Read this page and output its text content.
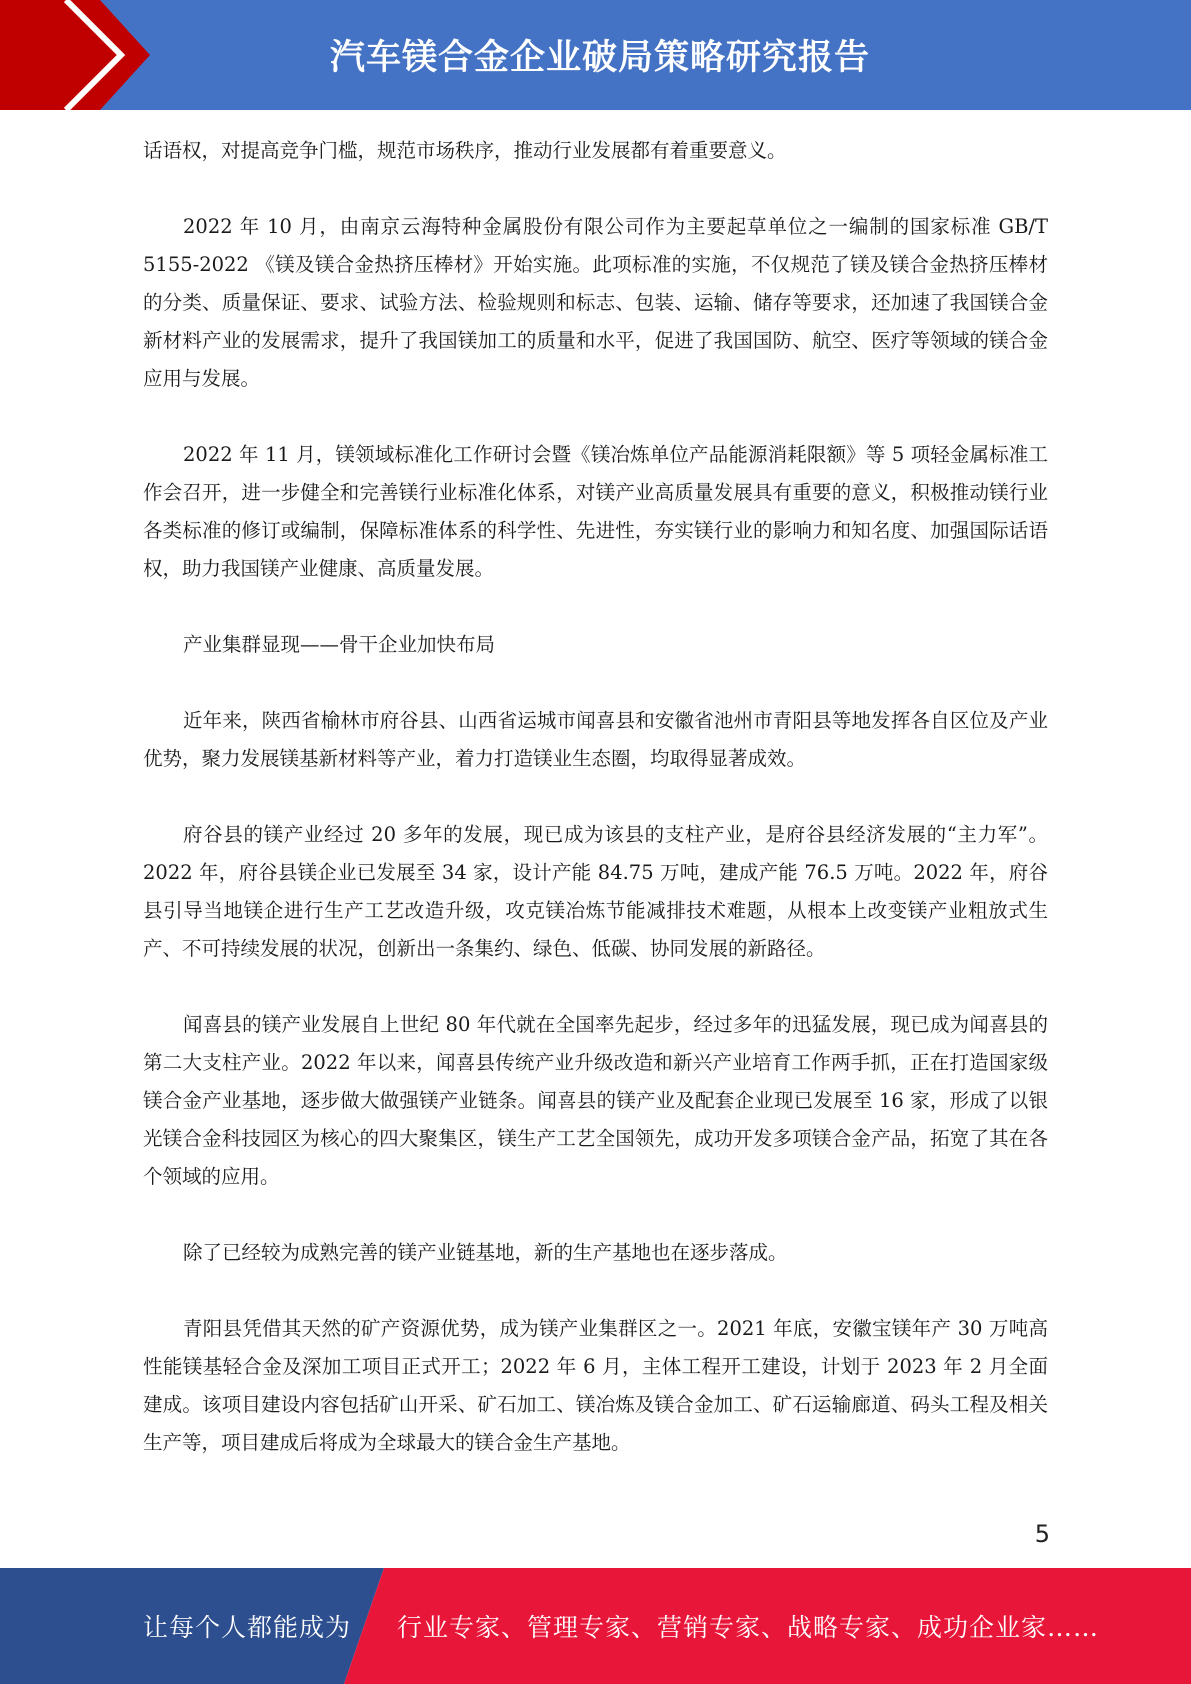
汽车镁合金企业破局策略研究报告

话语权，对提高竞争门槛，规范市场秩序，推动行业发展都有着重要意义。

2022 年 10 月，由南京云海特种金属股份有限公司作为主要起草单位之一编制的国家标准 GB/T 5155-2022 《镁及镁合金热挤压棒材》开始实施。此项标准的实施，不仅规范了镁及镁合金热挤压棒材的分类、质量保证、要求、试验方法、检验规则和标志、包装、运输、储存等要求，还加速了我国镁合金新材料产业的发展需求，提升了我国镁加工的质量和水平，促进了我国国防、航空、医疗等领域的镁合金应用与发展。

2022 年 11 月，镁领域标准化工作研讨会暨《镁冶炼单位产品能源消耗限额》等 5 项轻金属标准工作会召开，进一步健全和完善镁行业标准化体系，对镁产业高质量发展具有重要的意义，积极推动镁行业各类标准的修订或编制，保障标准体系的科学性、先进性，夯实镁行业的影响力和知名度、加强国际话语权，助力我国镁产业健康、高质量发展。

产业集群显现——骨干企业加快布局

近年来，陕西省榆林市府谷县、山西省运城市闻喜县和安徽省池州市青阳县等地发挥各自区位及产业优势，聚力发展镁基新材料等产业，着力打造镁业生态圈，均取得显著成效。

府谷县的镁产业经过 20 多年的发展，现已成为该县的支柱产业，是府谷县经济发展的“主力军”。2022 年，府谷县镁企业已发展至 34 家，设计产能 84.75 万吨，建成产能 76.5 万吨。2022 年，府谷县引导当地镁企进行生产工艺改造升级，攻克镁冶炼节能减排技术难题，从根本上改变镁产业粗放式生产、不可持续发展的状况，创新出一条集约、绿色、低碳、协同发展的新路径。

闻喜县的镁产业发展自上世纪 80 年代就在全国率先起步，经过多年的迅猛发展，现已成为闻喜县的第二大支柱产业。2022 年以来，闻喜县传统产业升级改造和新兴产业培育工作两手抓，正在打造国家级镁合金产业基地，逐步做大做强镁产业链条。闻喜县的镁产业及配套企业现已发展至 16 家，形成了以银光镁合金科技园区为核心的四大聚集区，镁生产工艺全国领先，成功开发多项镁合金产品，拓宽了其在各个领域的应用。

除了已经较为成熟完善的镁产业链基地，新的生产基地也在逐步落成。

青阳县凭借其天然的矿产资源优势，成为镁产业集群区之一。2021 年底，安徽宝镁年产 30 万吨高性能镁基轻合金及深加工项目正式开工；2022 年 6 月，主体工程开工建设，计划于 2023 年 2 月全面建成。该项目建设内容包括矿山开采、矿石加工、镁冶炼及镁合金加工、矿石运输廊道、码头工程及相关生产等，项目建成后将成为全球最大的镁合金生产基地。

5
让每个人都能成为 行业专家、管理专家、营销专家、战略专家、成功企业家……
